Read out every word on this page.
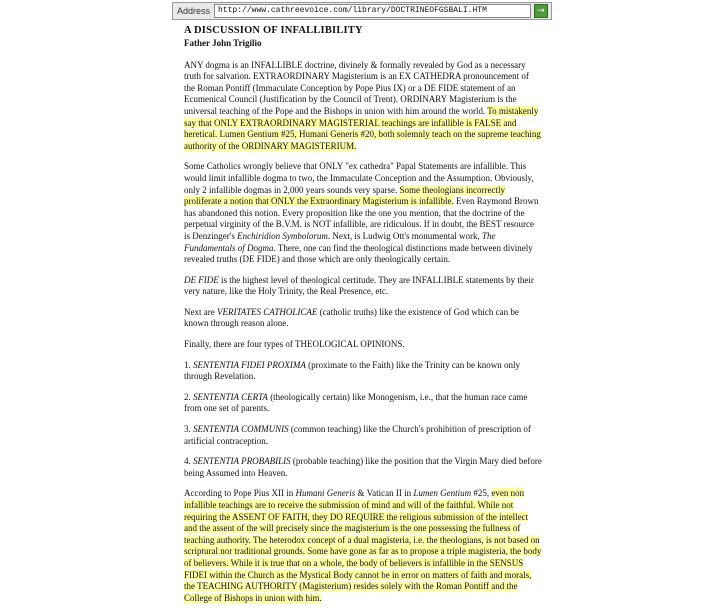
Address	http://www.cathreevoice.com/library/DOCTRINEOFGSBALI.HTM	→
A DISCUSSION OF INFALLIBILITY
Father John Trigilio

ANY dogma is an INFALLIBLE doctrine, divinely & formally revealed by God as a necessary truth for salvation. EXTRAORDINARY Magisterium is an EX CATHEDRA pronouncement of the Roman Pontiff (Immaculate Conception by Pope Pius IX) or a DE FIDE statement of an Ecumenical Council (Justification by the Council of Trent). ORDINARY Magisterium is the universal teaching of the Pope and the Bishops in union with him around the world. To mistakenly say that ONLY EXTRAORDINARY MAGISTERIAL teachings are infallible is FALSE and heretical. Lumen Gentium #25, Humani Generis #20, both solemnly teach on the supreme teaching authority of the ORDINARY MAGISTERIUM.

Some Catholics wrongly believe that ONLY "ex cathedra" Papal Statements are infallible. This would limit infallible dogma to two, the Immaculate Conception and the Assumption. Obviously, only 2 infallible dogmas in 2,000 years sounds very sparse. Some theologians incorrectly proliferate a notion that ONLY the Extraordinary Magisterium is infallible. Even Raymond Brown has abandoned this notion. Every proposition like the one you mention, that the doctrine of the perpetual virginity of the B.V.M. is NOT infallible, are ridiculous. If in doubt, the BEST resource is Denzinger's Enchiridion Symbolorum. Next, is Ludwig Ott's monumental work, The Fundamentals of Dogma. There, one can find the theological distinctions made between divinely revealed truths (DE FIDE) and those which are only theologically certain.

DE FIDE is the highest level of theological certitude. They are INFALLIBLE statements by their very nature, like the Holy Trinity, the Real Presence, etc.

Next are VERITATES CATHOLICAE (catholic truths) like the existence of God which can be known through reason alone.

Finally, there are four types of THEOLOGICAL OPINIONS.

1. SENTENTIA FIDEI PROXIMA (proximate to the Faith) like the Trinity can be known only through Revelation.
2. SENTENTIA CERTA (theologically certain) like Monogenism, i.e., that the human race came from one set of parents.
3. SENTENTIA COMMUNIS (common teaching) like the Church's prohibition of prescription of artificial contraception.
4. SENTENTIA PROBABILIS (probable teaching) like the position that the Virgin Mary died before being Assumed into Heaven.

According to Pope Pius XII in Humani Generis & Vatican II in Lumen Gentium #25, even non infallible teachings are to receive the submission of mind and will of the faithful. While not requiring the ASSENT OF FAITH, they DO REQUIRE the religious submission of the intellect and the assent of the will precisely since the magisterium is the one possessing the fullness of teaching authority. The heterodox concept of a dual magisteria, i.e. the theologians, is not based on scriptural nor traditional grounds. Some have gone as far as to propose a triple magisteria, the body of believers. While it is true that on a whole, the body of believers is infallible in the SENSUS FIDEI within the Church as the Mystical Body cannot be in error on matters of faith and morals, the TEACHING AUTHORITY (Magisterium) resides solely with the Roman Pontiff and the College of Bishops in union with him.
